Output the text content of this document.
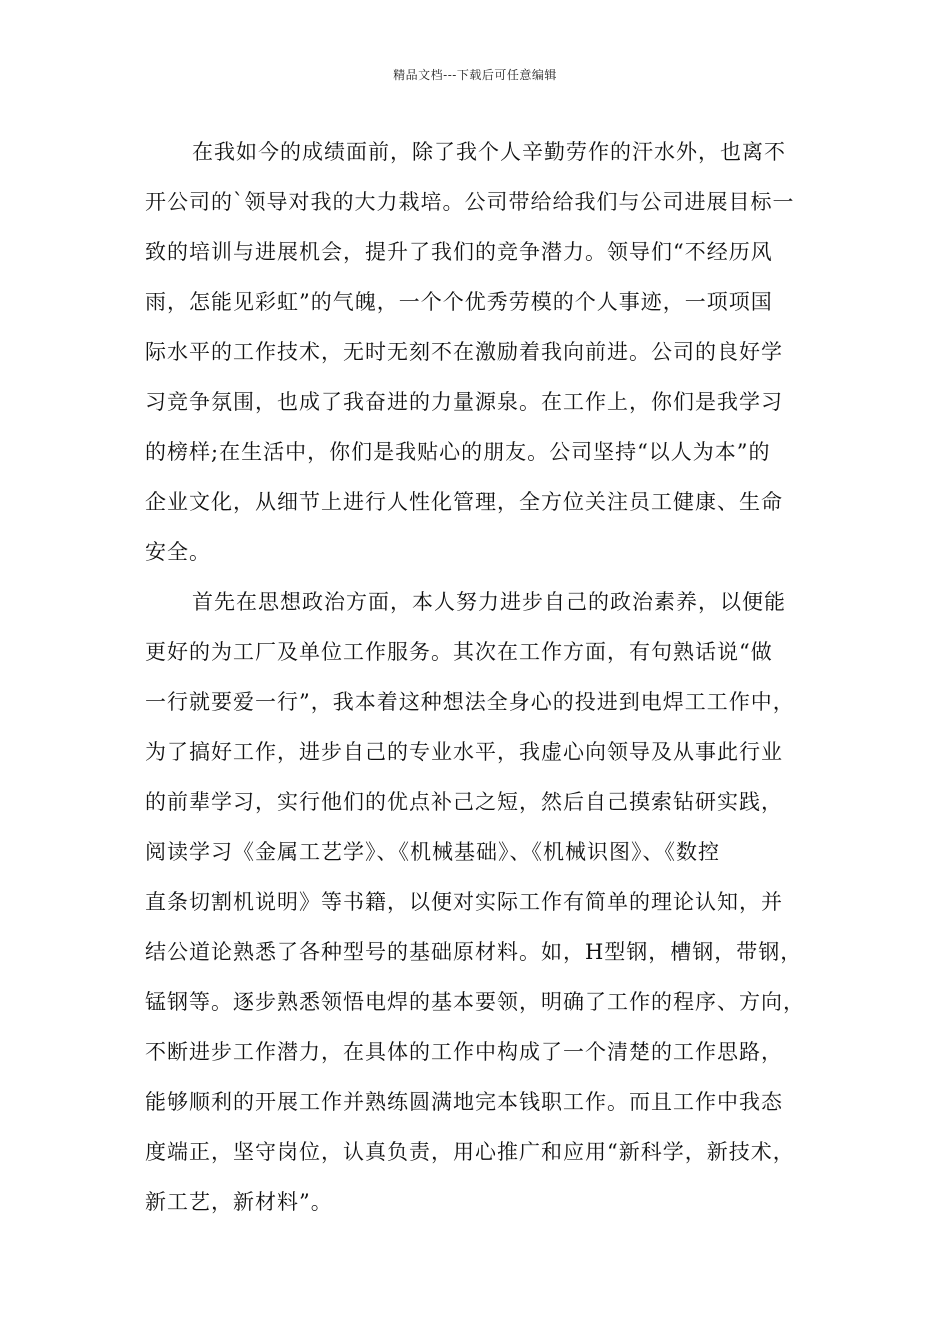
精品文档---下载后可任意编辑
在我如今的成绩面前，除了我个人辛勤劳作的汗水外，也离不
开公司的`领导对我的大力栽培。公司带给给我们与公司进展目标一
致的培训与进展机会，提升了我们的竞争潜力。领导们“不经历风
雨，怎能见彩虹”的气魄，一个个优秀劳模的个人事迹，一项项国
际水平的工作技术，无时无刻不在激励着我向前进。公司的良好学
习竞争氛围，也成了我奋进的力量源泉。在工作上，你们是我学习
的榜样;在生活中，你们是我贴心的朋友。公司坚持“以人为本”的
企业文化，从细节上进行人性化管理，全方位关注员工健康、生命
安全。
首先在思想政治方面，本人努力进步自己的政治素养，以便能
更好的为工厂及单位工作服务。其次在工作方面，有句熟话说“做
一行就要爱一行”，我本着这种想法全身心的投进到电焊工工作中，
为了搞好工作，进步自己的专业水平，我虚心向领导及从事此行业
的前辈学习，实行他们的优点补己之短，然后自己摸索钻研实践，
阅读学习《金属工艺学》、《机械基础》、《机械识图》、《数控
直条切割机说明》等书籍，以便对实际工作有简单的理论认知，并
结公道论熟悉了各种型号的基础原材料。如，H型钢，槽钢，带钢，
锰钢等。逐步熟悉领悟电焊的基本要领，明确了工作的程序、方向，
不断进步工作潜力，在具体的工作中构成了一个清楚的工作思路，
能够顺利的开展工作并熟练圆满地完本钱职工作。而且工作中我态
度端正，坚守岗位，认真负责，用心推广和应用“新科学，新技术，
新工艺，新材料”。
